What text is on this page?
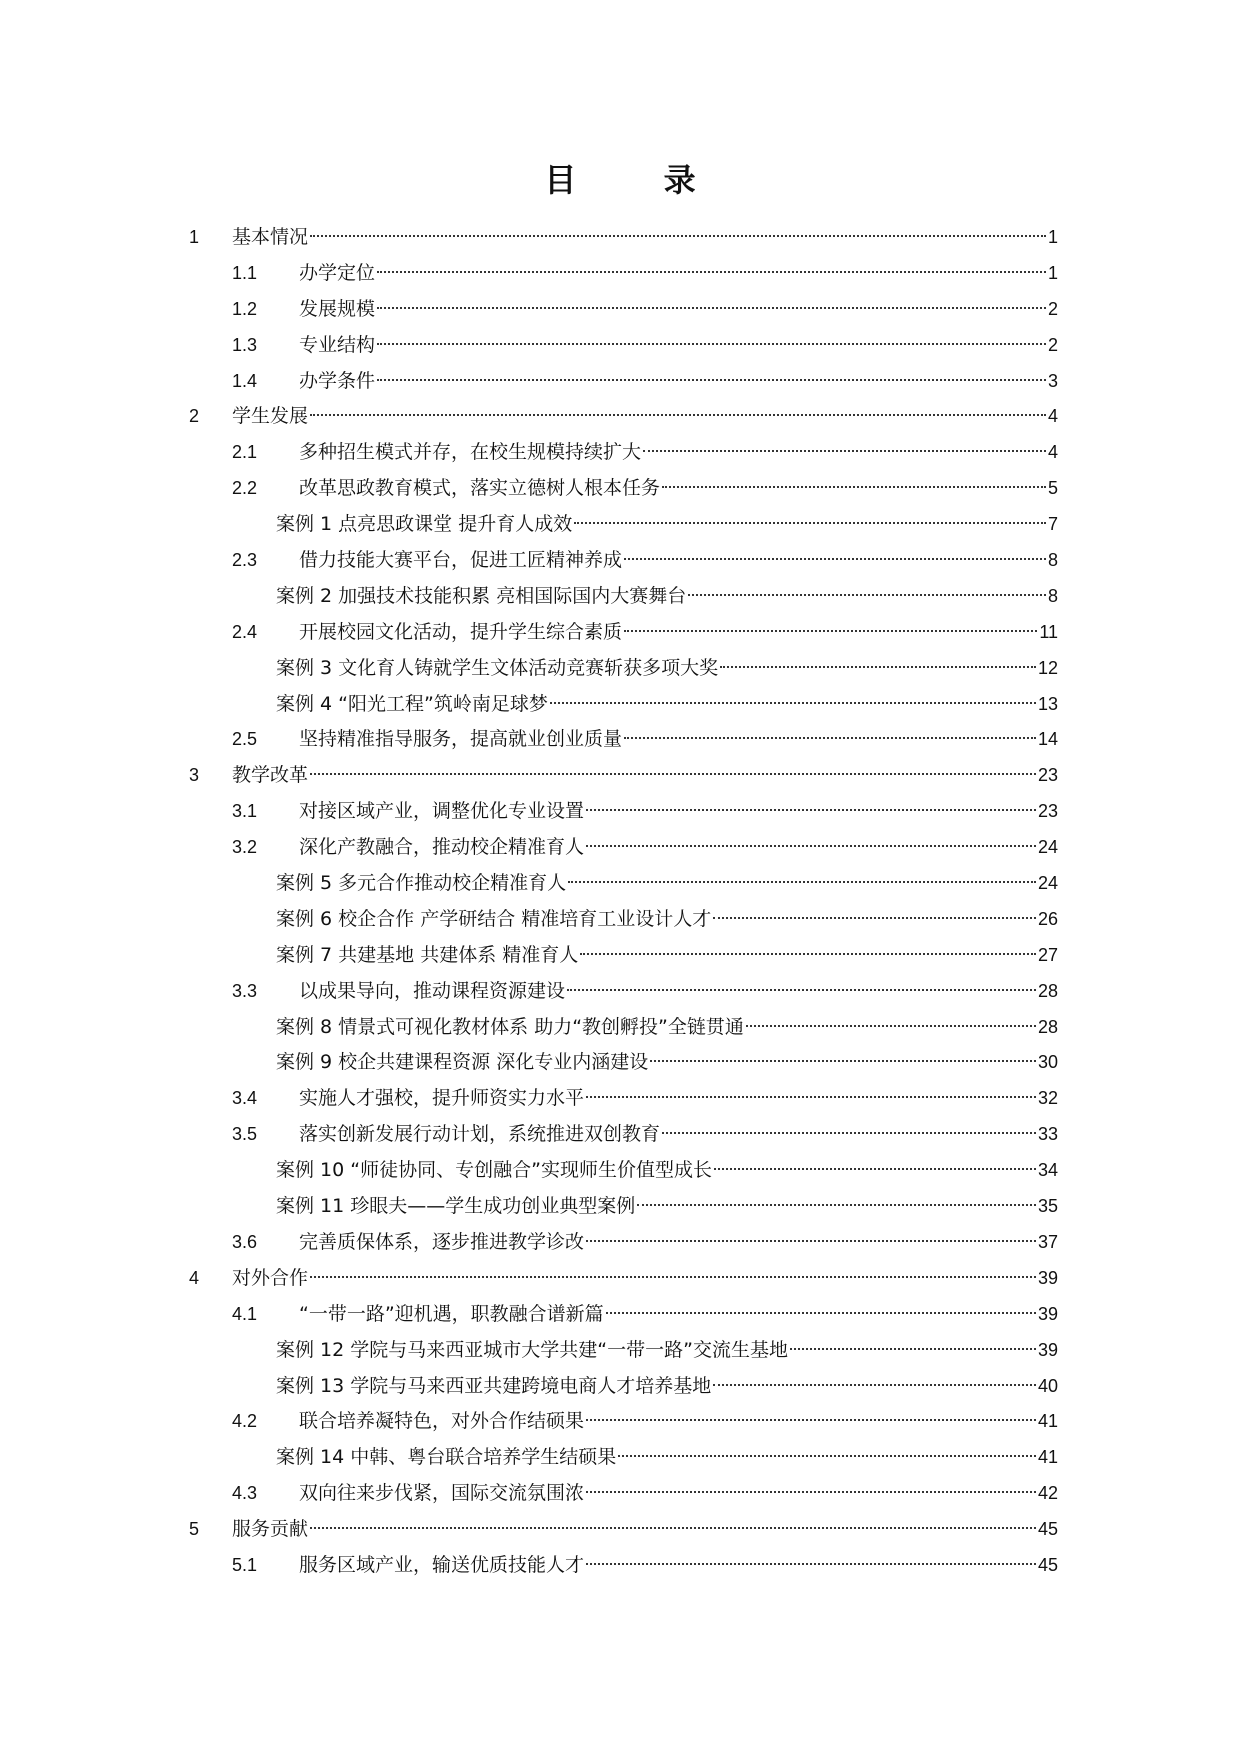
目 录
1	基本情况	1
1.1	办学定位	1
1.2	发展规模	2
1.3	专业结构	2
1.4	办学条件	3
2	学生发展	4
2.1	多种招生模式并存，在校生规模持续扩大	4
2.2	改革思政教育模式，落实立德树人根本任务	5
案例 1 点亮思政课堂 提升育人成效	7
2.3	借力技能大赛平台，促进工匠精神养成	8
案例 2 加强技术技能积累 亮相国际国内大赛舞台	8
2.4	开展校园文化活动，提升学生综合素质	11
案例 3 文化育人铸就学生文体活动竞赛斩获多项大奖	12
案例 4 “阳光工程”筑岭南足球梦	13
2.5	坚持精准指导服务，提高就业创业质量	14
3	教学改革	23
3.1	对接区域产业，调整优化专业设置	23
3.2	深化产教融合，推动校企精准育人	24
案例 5 多元合作推动校企精准育人	24
案例 6 校企合作 产学研结合 精准培育工业设计人才	26
案例 7 共建基地 共建体系 精准育人	27
3.3	以成果导向，推动课程资源建设	28
案例 8 情景式可视化教材体系 助力“教创孵投”全链贯通	28
案例 9 校企共建课程资源 深化专业内涵建设	30
3.4	实施人才强校，提升师资实力水平	32
3.5	落实创新发展行动计划，系统推进双创教育	33
案例 10 “师徒协同、专创融合”实现师生价值型成长	34
案例 11 珍眼夫——学生成功创业典型案例	35
3.6	完善质保体系，逐步推进教学诊改	37
4	对外合作	39
4.1	“一带一路”迎机遇，职教融合谱新篇	39
案例 12 学院与马来西亚城市大学共建“一带一路”交流生基地	39
案例 13 学院与马来西亚共建跨境电商人才培养基地	40
4.2	联合培养凝特色，对外合作结硕果	41
案例 14 中韩、粤台联合培养学生结硕果	41
4.3	双向往来步伐紧，国际交流氛围浓	42
5	服务贡献	45
5.1	服务区域产业，输送优质技能人才	45
